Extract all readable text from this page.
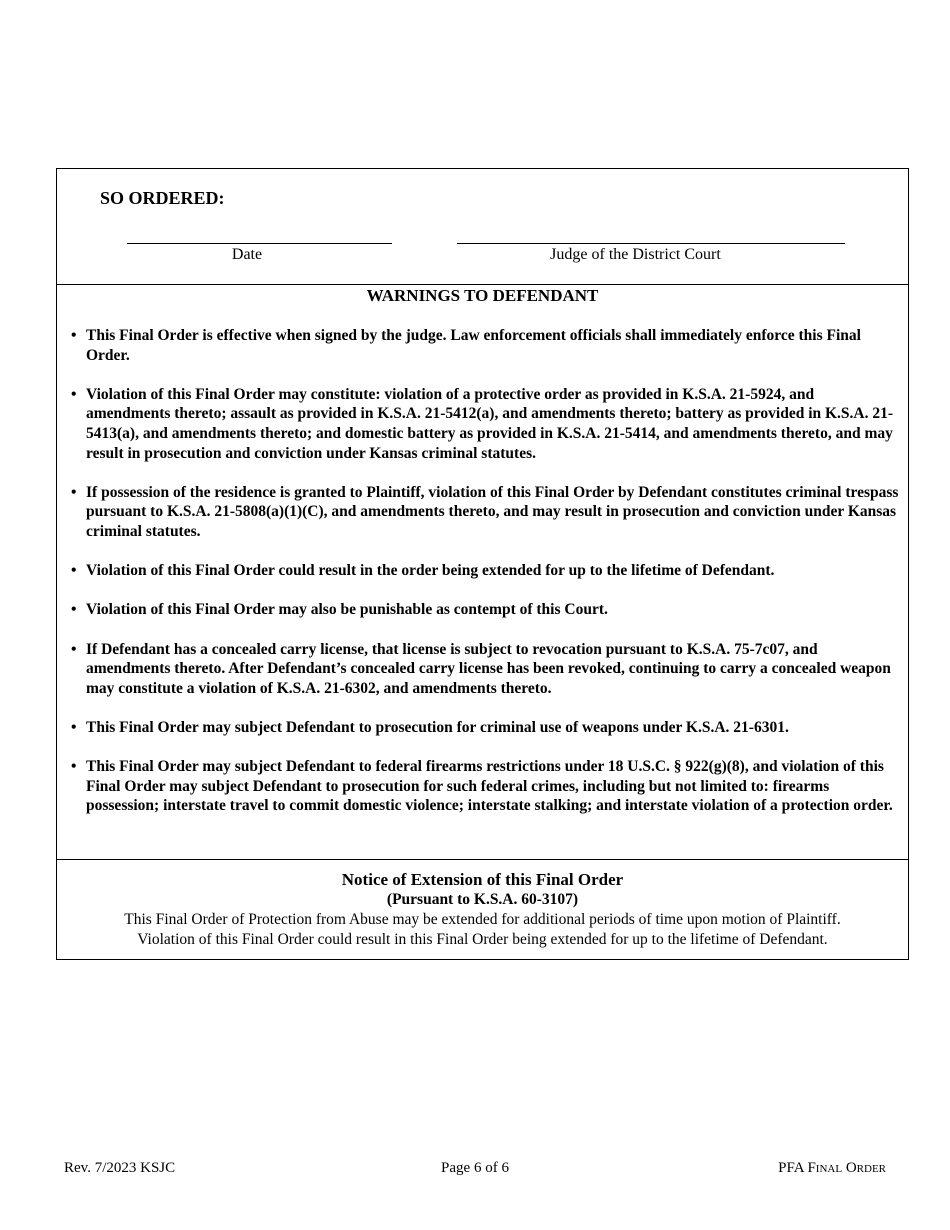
SO ORDERED:
Date	Judge of the District Court
WARNINGS TO DEFENDANT
• This Final Order is effective when signed by the judge. Law enforcement officials shall immediately enforce this Final Order.
• Violation of this Final Order may constitute: violation of a protective order as provided in K.S.A. 21-5924, and amendments thereto; assault as provided in K.S.A. 21-5412(a), and amendments thereto; battery as provided in K.S.A. 21-5413(a), and amendments thereto; and domestic battery as provided in K.S.A. 21-5414, and amendments thereto, and may result in prosecution and conviction under Kansas criminal statutes.
• If possession of the residence is granted to Plaintiff, violation of this Final Order by Defendant constitutes criminal trespass pursuant to K.S.A. 21-5808(a)(1)(C), and amendments thereto, and may result in prosecution and conviction under Kansas criminal statutes.
• Violation of this Final Order could result in the order being extended for up to the lifetime of Defendant.
• Violation of this Final Order may also be punishable as contempt of this Court.
• If Defendant has a concealed carry license, that license is subject to revocation pursuant to K.S.A. 75-7c07, and amendments thereto. After Defendant’s concealed carry license has been revoked, continuing to carry a concealed weapon may constitute a violation of K.S.A. 21-6302, and amendments thereto.
• This Final Order may subject Defendant to prosecution for criminal use of weapons under K.S.A. 21-6301.
• This Final Order may subject Defendant to federal firearms restrictions under 18 U.S.C. § 922(g)(8), and violation of this Final Order may subject Defendant to prosecution for such federal crimes, including but not limited to: firearms possession; interstate travel to commit domestic violence; interstate stalking; and interstate violation of a protection order.
Notice of Extension of this Final Order
(Pursuant to K.S.A. 60-3107)
This Final Order of Protection from Abuse may be extended for additional periods of time upon motion of Plaintiff.
Violation of this Final Order could result in this Final Order being extended for up to the lifetime of Defendant.
Rev. 7/2023 KSJC	Page 6 of 6	PFA Final Order
